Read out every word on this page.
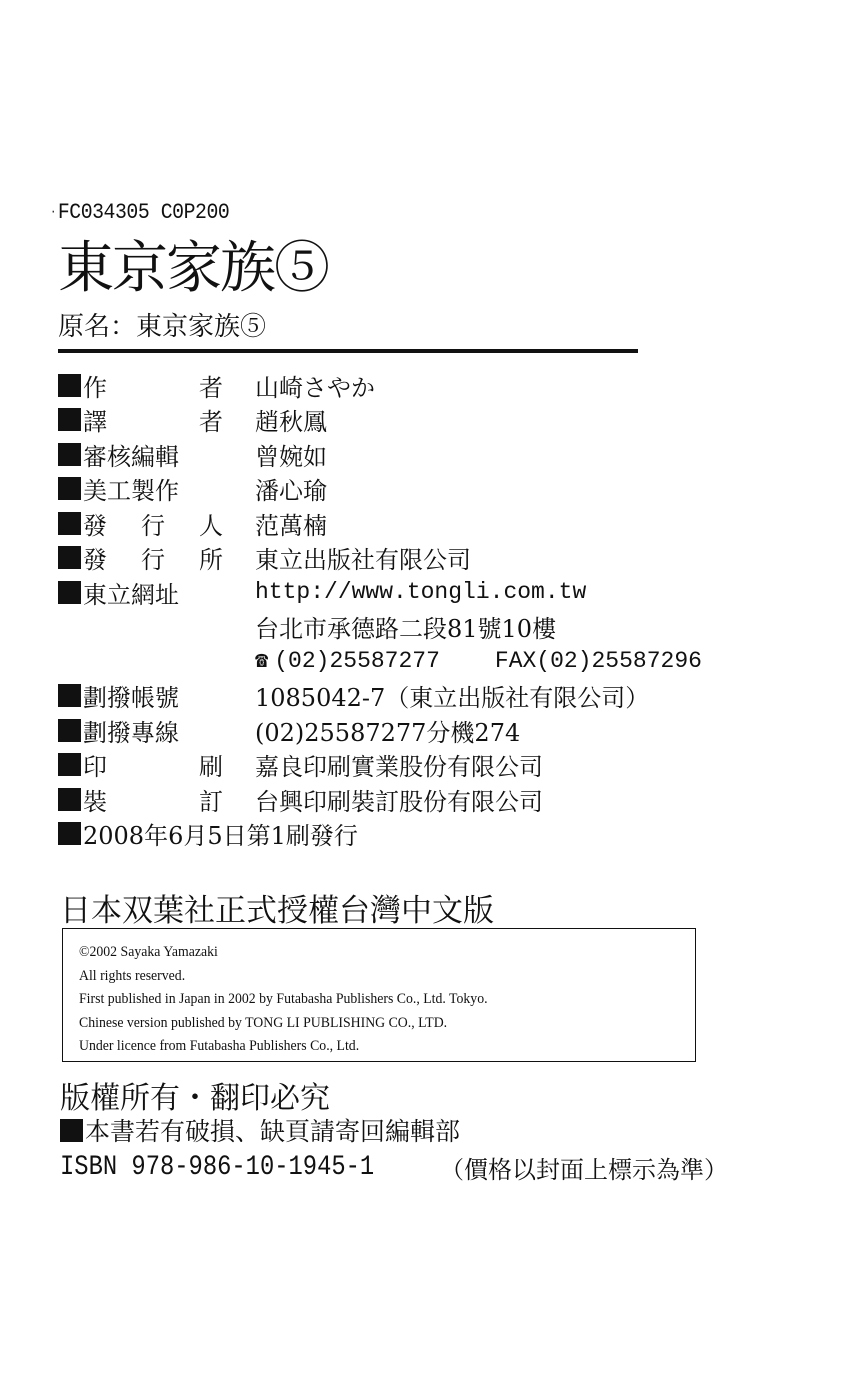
·FC034305 C0P200
東京家族⑤
原名：東京家族⑤
作	者 山崎さやか
譯	者 趙秋鳳
審核編輯	曾婉如
美工製作	潘心瑜
發 行 人 范萬楠
發 行 所 東立出版社有限公司
東立網址	http://www.tongli.com.tw
台北市承德路二段81號10樓
☎ (02)25587277 FAX(02)25587296
劃撥帳號	1085042-7（東立出版社有限公司）
劃撥專線	(02)25587277分機274
印	刷 嘉良印刷實業股份有限公司
裝	訂 台興印刷裝訂股份有限公司
2008年6月5日第1刷發行
日本双葉社正式授權台灣中文版
©2002 Sayaka Yamazaki
All rights reserved.
First published in Japan in 2002 by Futabasha Publishers Co., Ltd. Tokyo.
Chinese version published by TONG LI PUBLISHING CO., LTD.
Under licence from Futabasha Publishers Co., Ltd.
版權所有・翻印必究
本書若有破損、缺頁請寄回編輯部
ISBN 978-986-10-1945-1	（價格以封面上標示為準）
